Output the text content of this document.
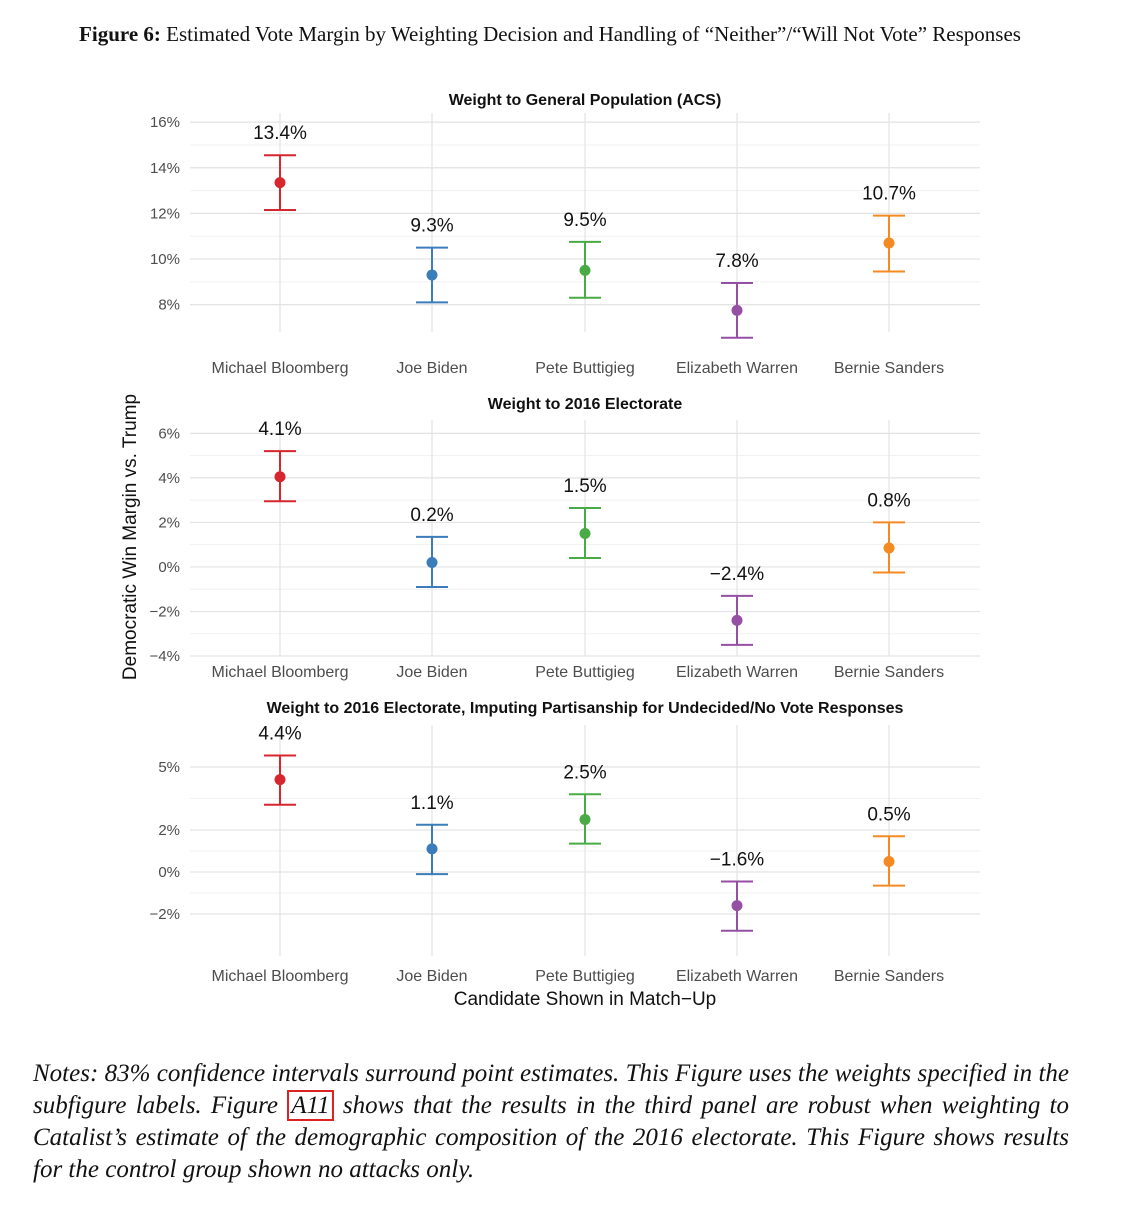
Figure 6: Estimated Vote Margin by Weighting Decision and Handling of “Neither”/“Will Not Vote” Responses
8%
10%
12%
14%
16%
Weight to General Population (ACS)
Michael Bloomberg	Joe Biden	Pete Buttigieg	Elizabeth Warren Bernie Sanders
13.4%
9.3%	9.5%
7.8%
10.7%
−4%
−2%
0%
2%
4%
6%
Weight to 2016 Electorate
Michael Bloomberg	Joe Biden	Pete Buttigieg	Elizabeth Warren Bernie Sanders
4.1%
0.2%
1.5%
−2.4%
0.8%
−2%
0%
2%
5%
Weight to 2016 Electorate, Imputing Partisanship for Undecided/No Vote Responses
Michael Bloomberg	Joe Biden	Pete Buttigieg	Elizabeth Warren Bernie Sanders
4.4%
1.1%
2.5%
−1.6%
0.5%
Democratic Win Margin vs. Trump
Candidate Shown in Match−Up
Notes: 83% confidence intervals surround point estimates. This Figure uses the weights specified in the subfigure labels. Figure A11 shows that the results in the third panel are robust when weighting to Catalist’s estimate of the demographic composition of the 2016 electorate. This Figure shows results for the control group shown no attacks only.
